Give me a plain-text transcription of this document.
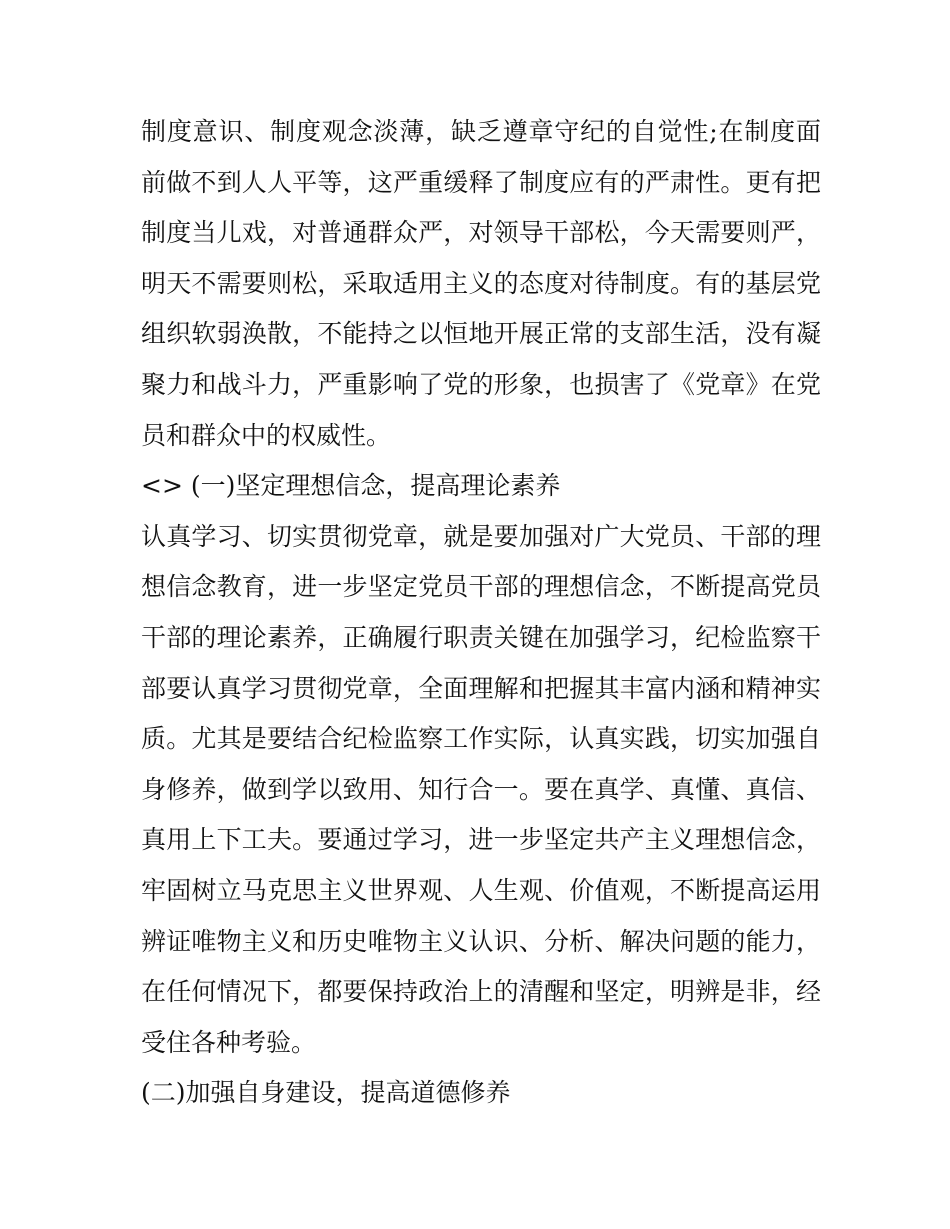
制度意识、制度观念淡薄，缺乏遵章守纪的自觉性;在制度面前做不到人人平等，这严重缓释了制度应有的严肃性。更有把制度当儿戏，对普通群众严，对领导干部松，今天需要则严，明天不需要则松，采取适用主义的态度对待制度。有的基层党组织软弱涣散，不能持之以恒地开展正常的支部生活，没有凝聚力和战斗力，严重影响了党的形象，也损害了《党章》在党员和群众中的权威性。

<> (一)坚定理想信念，提高理论素养

认真学习、切实贯彻党章，就是要加强对广大党员、干部的理想信念教育，进一步坚定党员干部的理想信念，不断提高党员干部的理论素养，正确履行职责关键在加强学习，纪检监察干部要认真学习贯彻党章，全面理解和把握其丰富内涵和精神实质。尤其是要结合纪检监察工作实际，认真实践，切实加强自身修养，做到学以致用、知行合一。要在真学、真懂、真信、真用上下工夫。要通过学习，进一步坚定共产主义理想信念，牢固树立马克思主义世界观、人生观、价值观，不断提高运用辨证唯物主义和历史唯物主义认识、分析、解决问题的能力，在任何情况下，都要保持政治上的清醒和坚定，明辨是非，经受住各种考验。

(二)加强自身建设，提高道德修养
